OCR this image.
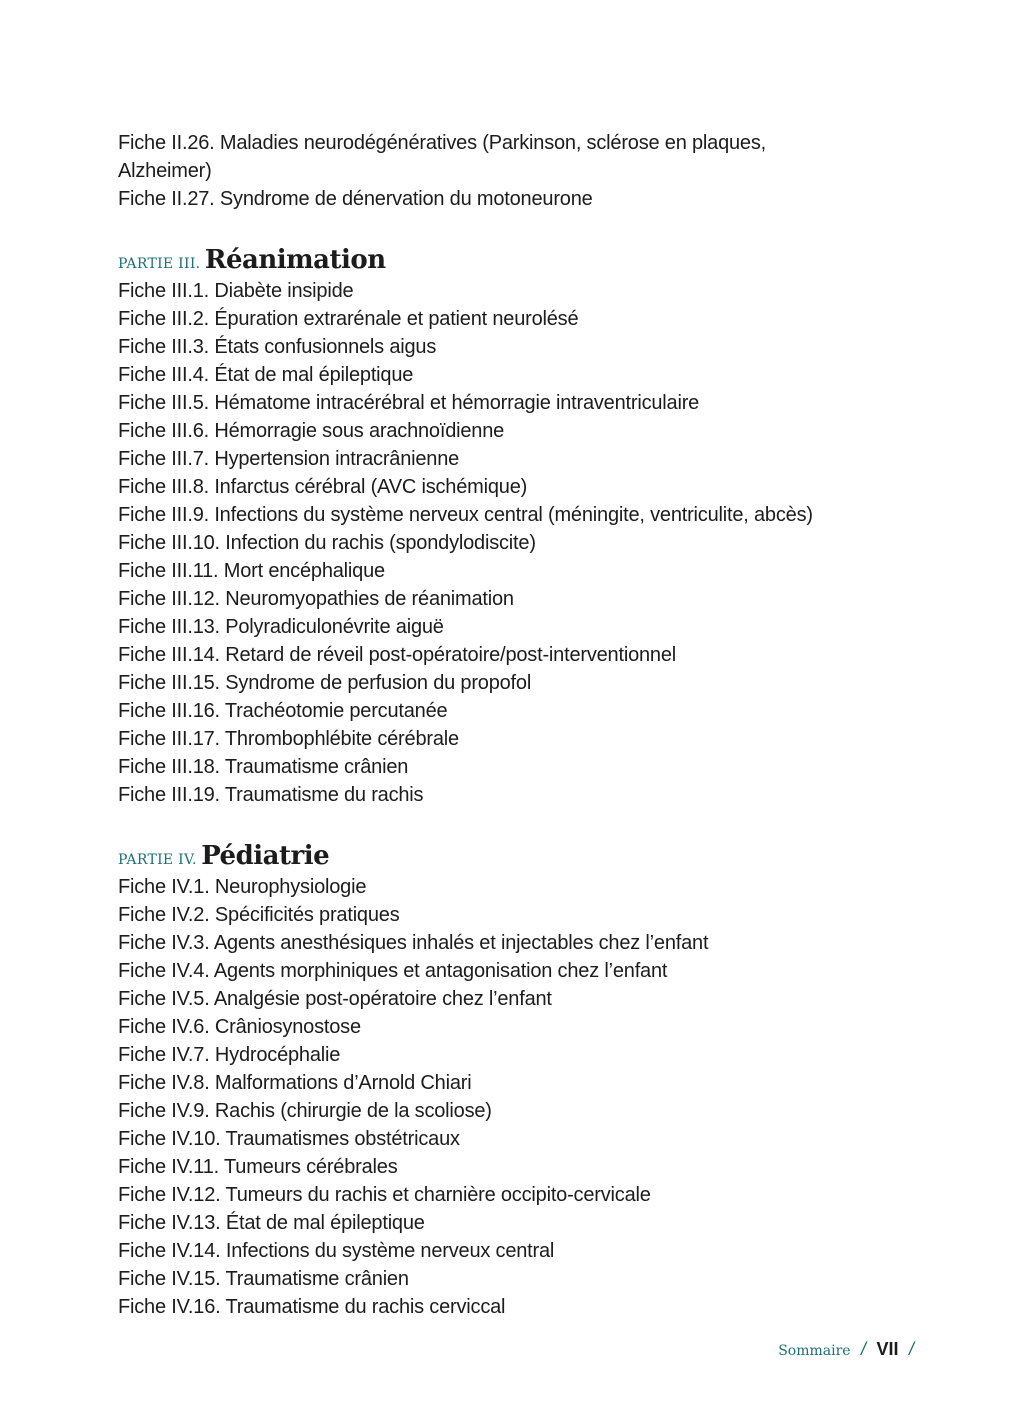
Fiche II.26. Maladies neurodégénératives (Parkinson, sclérose en plaques, Alzheimer)
Fiche II.27. Syndrome de dénervation du motoneurone
PARTIE III. Réanimation
Fiche III.1. Diabète insipide
Fiche III.2. Épuration extrarénale et patient neurolésé
Fiche III.3. États confusionnels aigus
Fiche III.4. État de mal épileptique
Fiche III.5. Hématome intracérébral et hémorragie intraventriculaire
Fiche III.6. Hémorragie sous arachnoïdienne
Fiche III.7. Hypertension intracrânienne
Fiche III.8. Infarctus cérébral (AVC ischémique)
Fiche III.9. Infections du système nerveux central (méningite, ventriculite, abcès)
Fiche III.10. Infection du rachis (spondylodiscite)
Fiche III.11. Mort encéphalique
Fiche III.12. Neuromyopathies de réanimation
Fiche III.13. Polyradiculonévrite aiguë
Fiche III.14. Retard de réveil post-opératoire/post-interventionnel
Fiche III.15. Syndrome de perfusion du propofol
Fiche III.16. Trachéotomie percutanée
Fiche III.17. Thrombophlébite cérébrale
Fiche III.18. Traumatisme crânien
Fiche III.19. Traumatisme du rachis
PARTIE IV. Pédiatrie
Fiche IV.1. Neurophysiologie
Fiche IV.2. Spécificités pratiques
Fiche IV.3. Agents anesthésiques inhalés et injectables chez l’enfant
Fiche IV.4. Agents morphiniques et antagonisation chez l’enfant
Fiche IV.5. Analgésie post-opératoire chez l’enfant
Fiche IV.6. Crâniosynostose
Fiche IV.7. Hydrocéphalie
Fiche IV.8. Malformations d’Arnold Chiari
Fiche IV.9. Rachis (chirurgie de la scoliose)
Fiche IV.10. Traumatismes obstétricaux
Fiche IV.11. Tumeurs cérébrales
Fiche IV.12. Tumeurs du rachis et charnière occipito-cervicale
Fiche IV.13. État de mal épileptique
Fiche IV.14. Infections du système nerveux central
Fiche IV.15. Traumatisme crânien
Fiche IV.16. Traumatisme du rachis cerviccal
Sommaire / VII /
